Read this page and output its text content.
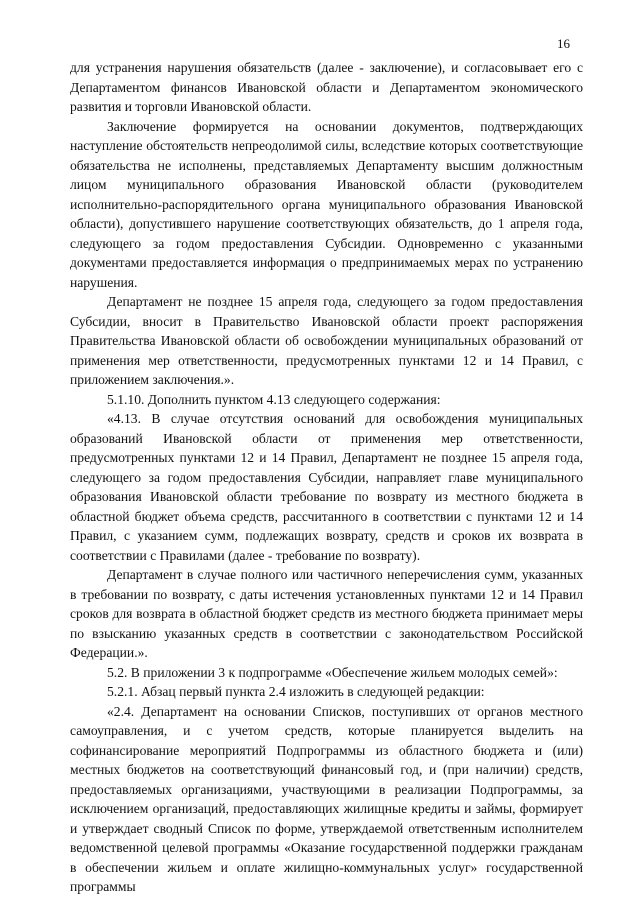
16

для устранения нарушения обязательств (далее - заключение), и согласовывает его с Департаментом финансов Ивановской области и Департаментом экономического развития и торговли Ивановской области.

Заключение формируется на основании документов, подтверждающих наступление обстоятельств непреодолимой силы, вследствие которых соответствующие обязательства не исполнены, представляемых Департаменту высшим должностным лицом муниципального образования Ивановской области (руководителем исполнительно-распорядительного органа муниципального образования Ивановской области), допустившего нарушение соответствующих обязательств, до 1 апреля года, следующего за годом предоставления Субсидии. Одновременно с указанными документами предоставляется информация о предпринимаемых мерах по устранению нарушения.

Департамент не позднее 15 апреля года, следующего за годом предоставления Субсидии, вносит в Правительство Ивановской области проект распоряжения Правительства Ивановской области об освобождении муниципальных образований от применения мер ответственности, предусмотренных пунктами 12 и 14 Правил, с приложением заключения.».

5.1.10. Дополнить пунктом 4.13 следующего содержания:

«4.13. В случае отсутствия оснований для освобождения муниципальных образований Ивановской области от применения мер ответственности, предусмотренных пунктами 12 и 14 Правил, Департамент не позднее 15 апреля года, следующего за годом предоставления Субсидии, направляет главе муниципального образования Ивановской области требование по возврату из местного бюджета в областной бюджет объема средств, рассчитанного в соответствии с пунктами 12 и 14 Правил, с указанием сумм, подлежащих возврату, средств и сроков их возврата в соответствии с Правилами (далее - требование по возврату).

Департамент в случае полного или частичного неперечисления сумм, указанных в требовании по возврату, с даты истечения установленных пунктами 12 и 14 Правил сроков для возврата в областной бюджет средств из местного бюджета принимает меры по взысканию указанных средств в соответствии с законодательством Российской Федерации.».

5.2. В приложении 3 к подпрограмме «Обеспечение жильем молодых семей»:

5.2.1. Абзац первый пункта 2.4 изложить в следующей редакции:

«2.4. Департамент на основании Списков, поступивших от органов местного самоуправления, и с учетом средств, которые планируется выделить на софинансирование мероприятий Подпрограммы из областного бюджета и (или) местных бюджетов на соответствующий финансовый год, и (при наличии) средств, предоставляемых организациями, участвующими в реализации Подпрограммы, за исключением организаций, предоставляющих жилищные кредиты и займы, формирует и утверждает сводный Список по форме, утверждаемой ответственным исполнителем ведомственной целевой программы «Оказание государственной поддержки гражданам в обеспечении жильем и оплате жилищно-коммунальных услуг» государственной программы
